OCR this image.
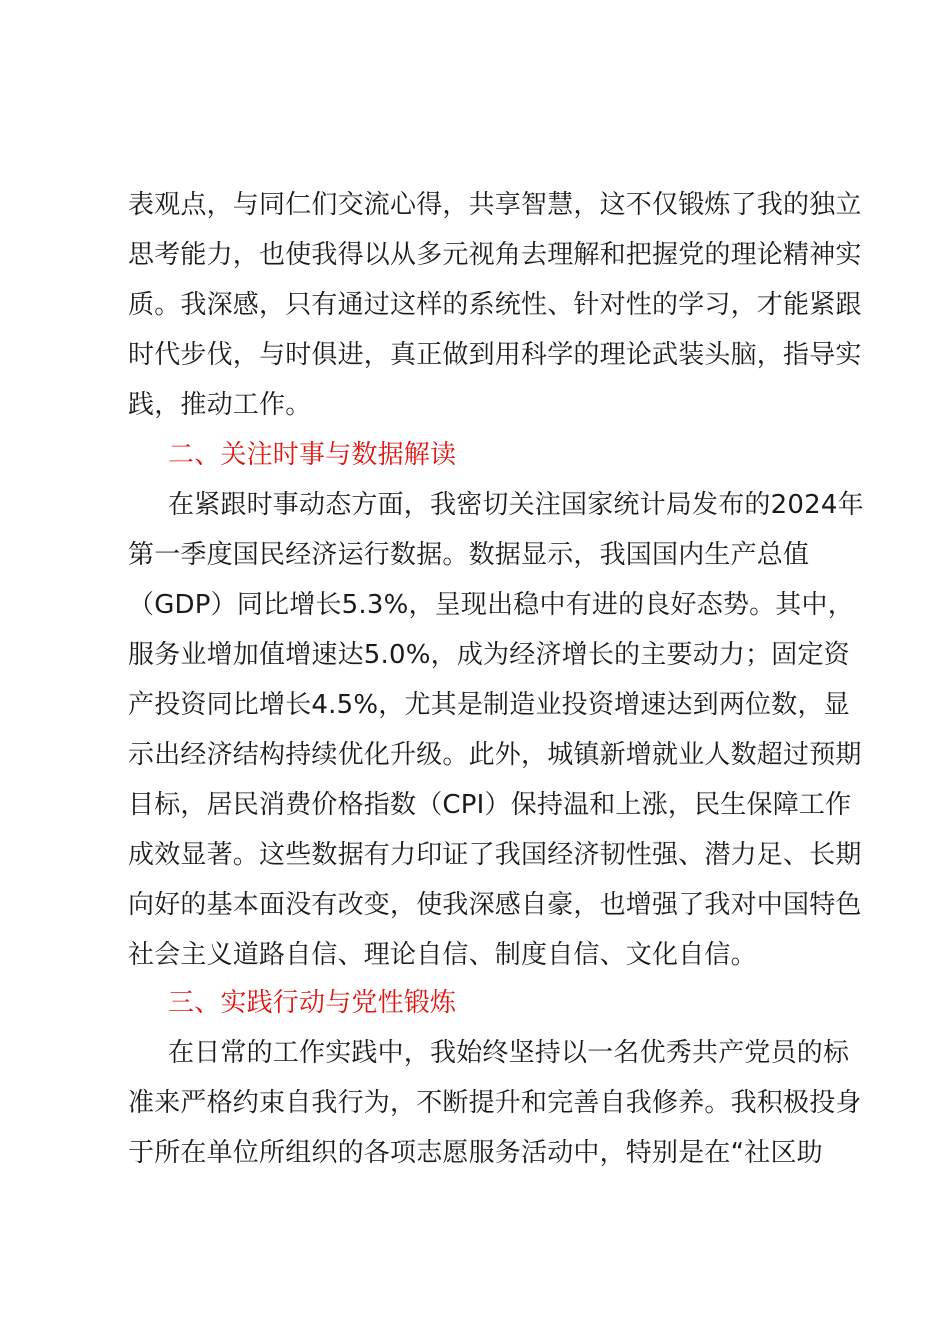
表观点，与同仁们交流心得，共享智慧，这不仅锻炼了我的独立
思考能力，也使我得以从多元视角去理解和把握党的理论精神实
质。我深感，只有通过这样的系统性、针对性的学习，才能紧跟
时代步伐，与时俱进，真正做到用科学的理论武装头脑，指导实
践，推动工作。
二、关注时事与数据解读
在紧跟时事动态方面，我密切关注国家统计局发布的2024年
第一季度国民经济运行数据。数据显示，我国国内生产总值
（GDP）同比增长5.3%，呈现出稳中有进的良好态势。其中，
服务业增加值增速达5.0%，成为经济增长的主要动力；固定资
产投资同比增长4.5%，尤其是制造业投资增速达到两位数，显
示出经济结构持续优化升级。此外，城镇新增就业人数超过预期
目标，居民消费价格指数（CPI）保持温和上涨，民生保障工作
成效显著。这些数据有力印证了我国经济韧性强、潜力足、长期
向好的基本面没有改变，使我深感自豪，也增强了我对中国特色
社会主义道路自信、理论自信、制度自信、文化自信。
三、实践行动与党性锻炼
在日常的工作实践中，我始终坚持以一名优秀共产党员的标
准来严格约束自我行为，不断提升和完善自我修养。我积极投身
于所在单位所组织的各项志愿服务活动中，特别是在“社区助
